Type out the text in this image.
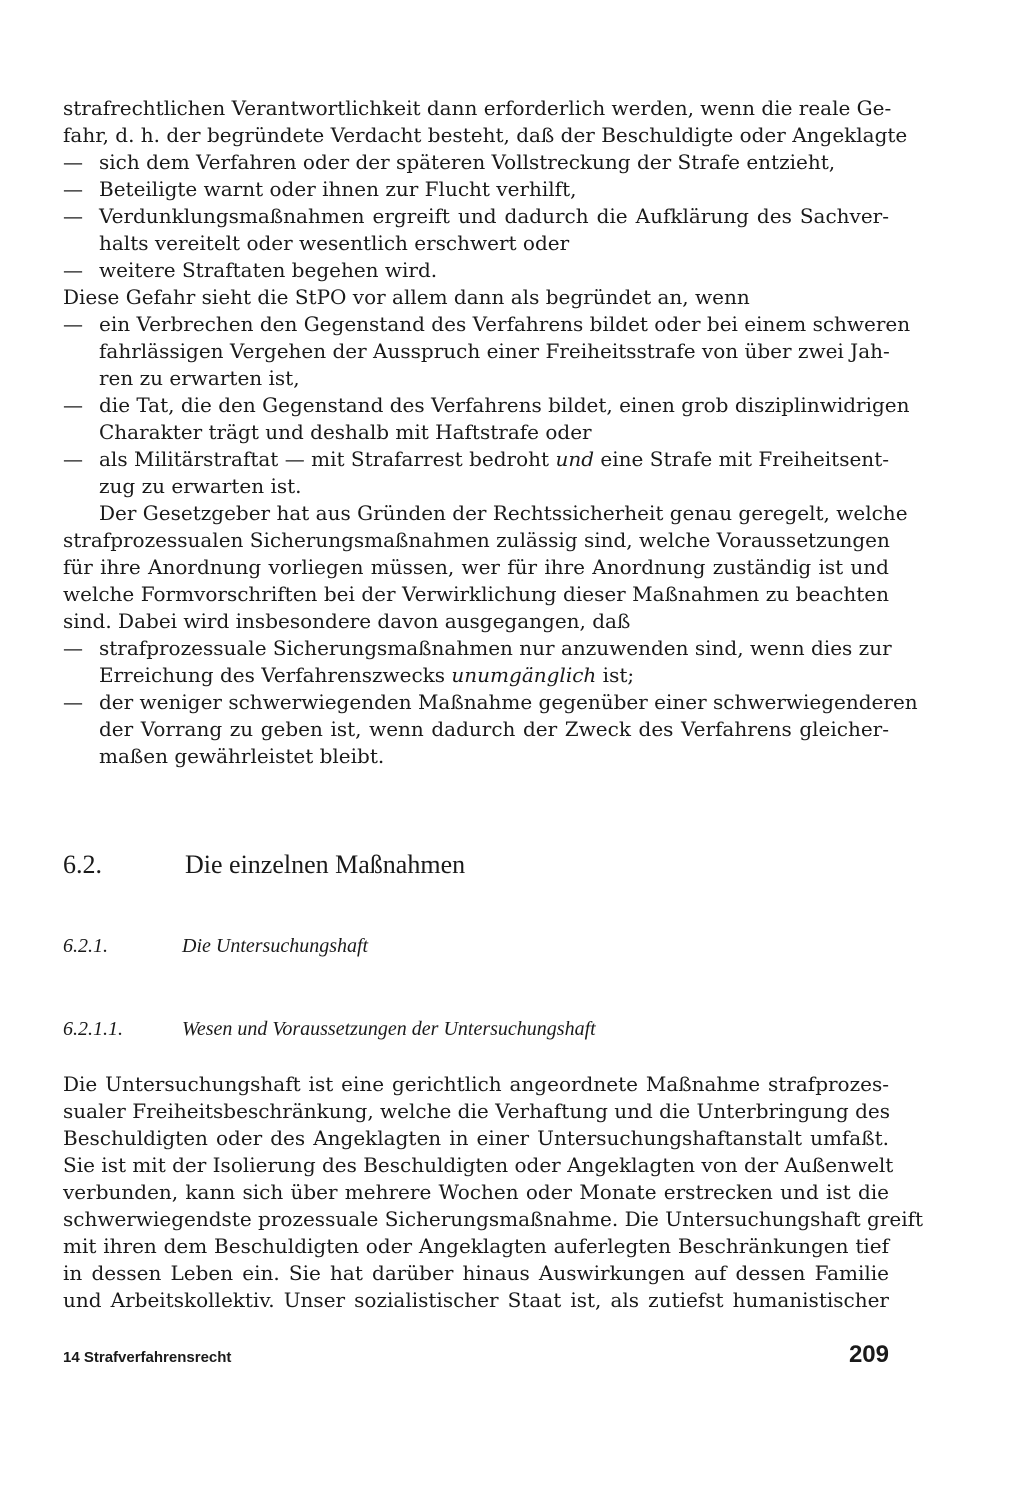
strafrechtlichen Verantwortlichkeit dann erforderlich werden, wenn die reale Ge-
fahr, d. h. der begründete Verdacht besteht, daß der Beschuldigte oder Angeklagte
— sich dem Verfahren oder der späteren Vollstreckung der Strafe entzieht,
— Beteiligte warnt oder ihnen zur Flucht verhilft,
— Verdunklungsmaßnahmen ergreift und dadurch die Aufklärung des Sachver-
halts vereitelt oder wesentlich erschwert oder
— weitere Straftaten begehen wird.
Diese Gefahr sieht die StPO vor allem dann als begründet an, wenn
— ein Verbrechen den Gegenstand des Verfahrens bildet oder bei einem schweren
fahrlässigen Vergehen der Ausspruch einer Freiheitsstrafe von über zwei Jah-
ren zu erwarten ist,
— die Tat, die den Gegenstand des Verfahrens bildet, einen grob disziplinwidrigen
Charakter trägt und deshalb mit Haftstrafe oder
— als Militärstraftat — mit Strafarrest bedroht und eine Strafe mit Freiheitsent-
zug zu erwarten ist.
Der Gesetzgeber hat aus Gründen der Rechtssicherheit genau geregelt, welche
strafprozessualen Sicherungsmaßnahmen zulässig sind, welche Voraussetzungen
für ihre Anordnung vorliegen müssen, wer für ihre Anordnung zuständig ist und
welche Formvorschriften bei der Verwirklichung dieser Maßnahmen zu beachten
sind. Dabei wird insbesondere davon ausgegangen, daß
— strafprozessuale Sicherungsmaßnahmen nur anzuwenden sind, wenn dies zur
Erreichung des Verfahrenszwecks unumgänglich ist;
— der weniger schwerwiegenden Maßnahme gegenüber einer schwerwiegenderen
der Vorrang zu geben ist, wenn dadurch der Zweck des Verfahrens gleicher-
maßen gewährleistet bleibt.
6.2.	Die einzelnen Maßnahmen
6.2.1.	Die Untersuchungshaft
6.2.1.1.	Wesen und Voraussetzungen der Untersuchungshaft
Die Untersuchungshaft ist eine gerichtlich angeordnete Maßnahme strafprozes-
sualer Freiheitsbeschränkung, welche die Verhaftung und die Unterbringung des
Beschuldigten oder des Angeklagten in einer Untersuchungshaftanstalt umfaßt.
Sie ist mit der Isolierung des Beschuldigten oder Angeklagten von der Außenwelt
verbunden, kann sich über mehrere Wochen oder Monate erstrecken und ist die
schwerwiegendste prozessuale Sicherungsmaßnahme. Die Untersuchungshaft greift
mit ihren dem Beschuldigten oder Angeklagten auferlegten Beschränkungen tief
in dessen Leben ein. Sie hat darüber hinaus Auswirkungen auf dessen Familie
und Arbeitskollektiv. Unser sozialistischer Staat ist, als zutiefst humanistischer
14 Strafverfahrensrecht	209
